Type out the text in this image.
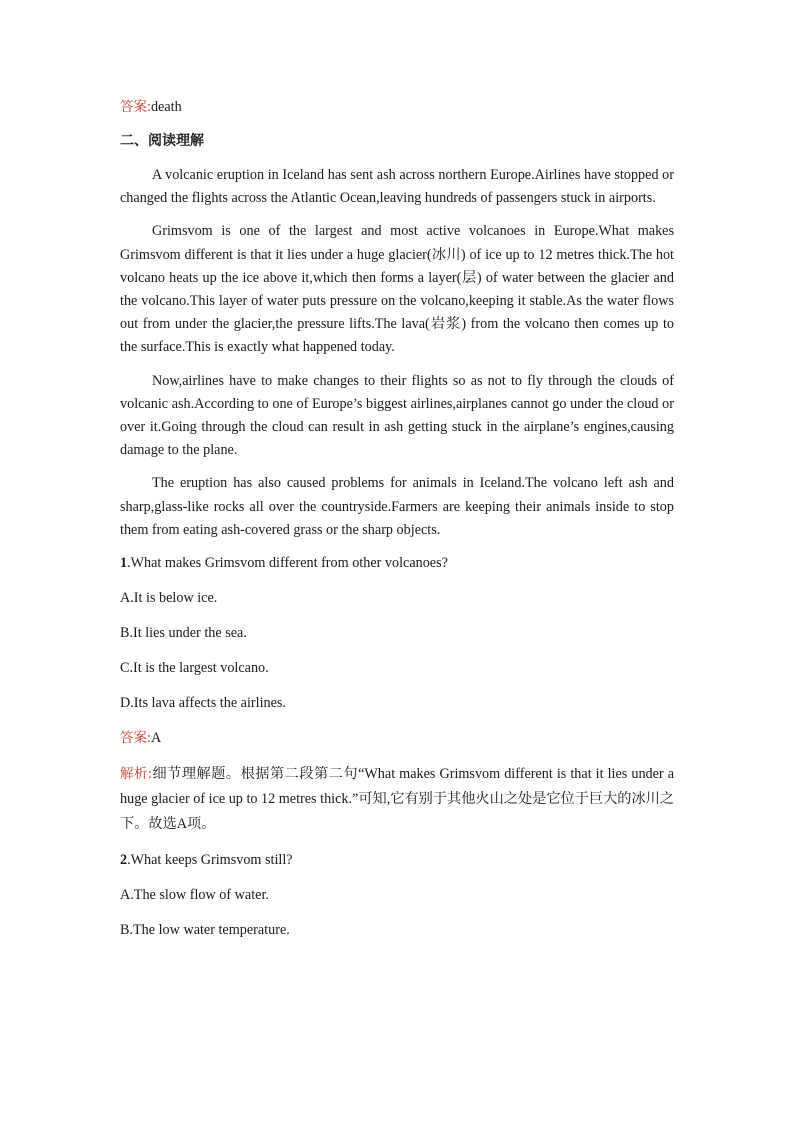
答案:death

二、阅读理解

A volcanic eruption in Iceland has sent ash across northern Europe.Airlines have stopped or changed the flights across the Atlantic Ocean,leaving hundreds of passengers stuck in airports.

Grimsvom is one of the largest and most active volcanoes in Europe.What makes Grimsvom different is that it lies under a huge glacier(冰川) of ice up to 12 metres thick.The hot volcano heats up the ice above it,which then forms a layer(层) of water between the glacier and the volcano.This layer of water puts pressure on the volcano,keeping it stable.As the water flows out from under the glacier,the pressure lifts.The lava(岩浆) from the volcano then comes up to the surface.This is exactly what happened today.

Now,airlines have to make changes to their flights so as not to fly through the clouds of volcanic ash.According to one of Europe’s biggest airlines,airplanes cannot go under the cloud or over it.Going through the cloud can result in ash getting stuck in the airplane’s engines,causing damage to the plane.

The eruption has also caused problems for animals in Iceland.The volcano left ash and sharp,glass-like rocks all over the countryside.Farmers are keeping their animals inside to stop them from eating ash-covered grass or the sharp objects.

1.What makes Grimsvom different from other volcanoes?

A.It is below ice.

B.It lies under the sea.

C.It is the largest volcano.

D.Its lava affects the airlines.

答案:A

解析:细节理解题。根据第二段第二句“What makes Grimsvom different is that it lies under a huge glacier of ice up to 12 metres thick.”可知,它有别于其他火山之处是它位于巨大的冰川之下。故选A项。

2.What keeps Grimsvom still?

A.The slow flow of water.

B.The low water temperature.
